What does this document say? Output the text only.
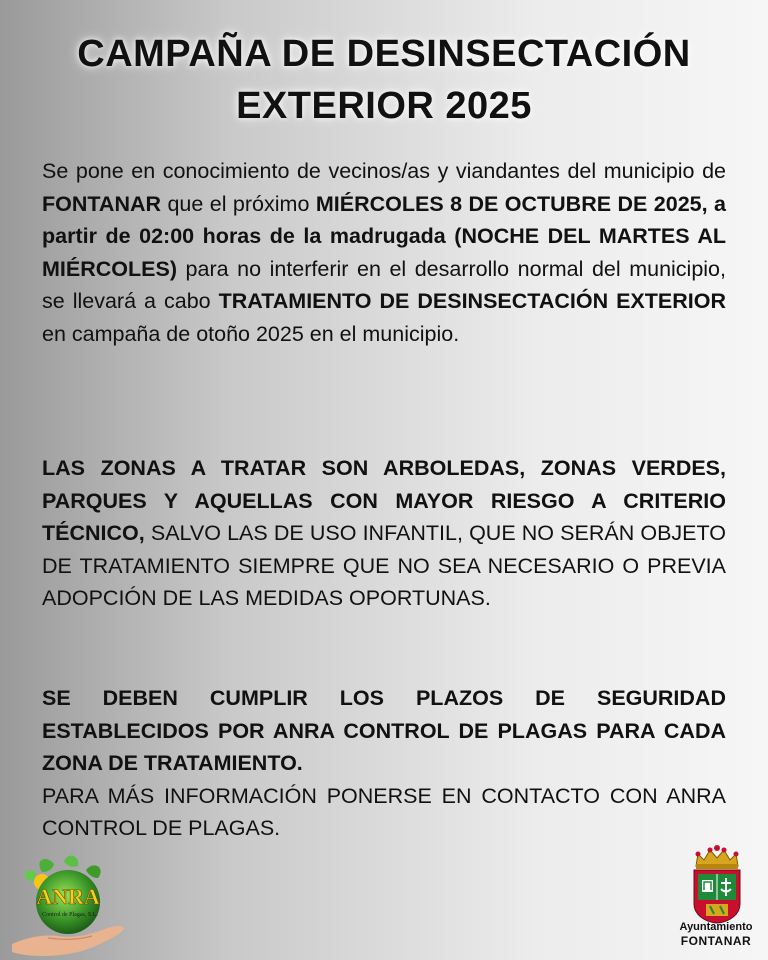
CAMPAÑA DE DESINSECTACIÓN
EXTERIOR 2025
Se pone en conocimiento de vecinos/as y viandantes del municipio de FONTANAR que el próximo MIÉRCOLES 8 DE OCTUBRE DE 2025, a partir de 02:00 horas de la madrugada (NOCHE DEL MARTES AL MIÉRCOLES) para no interferir en el desarrollo normal del municipio, se llevará a cabo TRATAMIENTO DE DESINSECTACIÓN EXTERIOR en campaña de otoño 2025 en el municipio.
LAS ZONAS A TRATAR SON ARBOLEDAS, ZONAS VERDES, PARQUES Y AQUELLAS CON MAYOR RIESGO A CRITERIO TÉCNICO, SALVO LAS DE USO INFANTIL, QUE NO SERÁN OBJETO DE TRATAMIENTO SIEMPRE QUE NO SEA NECESARIO O PREVIA ADOPCIÓN DE LAS MEDIDAS OPORTUNAS.
SE DEBEN CUMPLIR LOS PLAZOS DE SEGURIDAD ESTABLECIDOS POR ANRA CONTROL DE PLAGAS PARA CADA ZONA DE TRATAMIENTO.
PARA MÁS INFORMACIÓN PONERSE EN CONTACTO CON ANRA CONTROL DE PLAGAS.
ANRA
Control de Plagas, S.L.
Ayuntamiento
FONTANAR
